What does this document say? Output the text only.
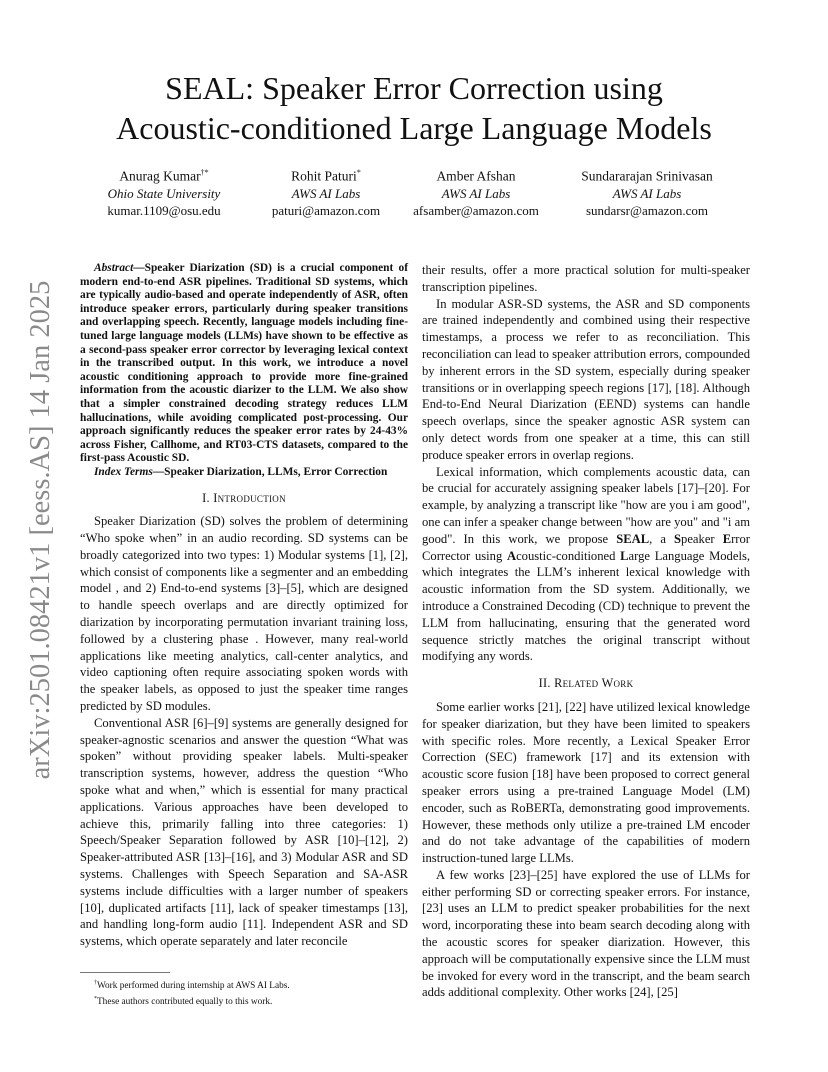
arXiv:2501.08421v1 [eess.AS] 14 Jan 2025
SEAL: Speaker Error Correction using
Acoustic-conditioned Large Language Models
Anurag Kumar†*
Ohio State University
kumar.1109@osu.edu
Rohit Paturi*
AWS AI Labs
paturi@amazon.com
Amber Afshan
AWS AI Labs
afsamber@amazon.com
Sundararajan Srinivasan
AWS AI Labs
sundarsr@amazon.com

Abstract—Speaker Diarization (SD) is a crucial component of modern end-to-end ASR pipelines. Traditional SD systems, which are typically audio-based and operate independently of ASR, often introduce speaker errors, particularly during speaker transitions and overlapping speech. Recently, language models including fine-tuned large language models (LLMs) have shown to be effective as a second-pass speaker error corrector by leveraging lexical context in the transcribed output. In this work, we introduce a novel acoustic conditioning approach to provide more fine-grained information from the acoustic diarizer to the LLM. We also show that a simpler constrained decoding strategy reduces LLM hallucinations, while avoiding complicated post-processing. Our approach significantly reduces the speaker error rates by 24-43% across Fisher, Callhome, and RT03-CTS datasets, compared to the first-pass Acoustic SD.

Index Terms—Speaker Diarization, LLMs, Error Correction

I. Introduction

Speaker Diarization (SD) solves the problem of determining “Who spoke when” in an audio recording. SD systems can be broadly categorized into two types: 1) Modular systems [1], [2], which consist of components like a segmenter and an embedding model , and 2) End-to-end systems [3]–[5], which are designed to handle speech overlaps and are directly optimized for diarization by incorporating permutation invariant training loss, followed by a clustering phase . However, many real-world applications like meeting analytics, call-center analytics, and video captioning often require associating spoken words with the speaker labels, as opposed to just the speaker time ranges predicted by SD modules.

Conventional ASR [6]–[9] systems are generally designed for speaker-agnostic scenarios and answer the question “What was spoken” without providing speaker labels. Multi-speaker transcription systems, however, address the question “Who spoke what and when,” which is essential for many practical applications. Various approaches have been developed to achieve this, primarily falling into three categories: 1) Speech/Speaker Separation followed by ASR [10]–[12], 2) Speaker-attributed ASR [13]–[16], and 3) Modular ASR and SD systems. Challenges with Speech Separation and SA-ASR systems include difficulties with a larger number of speakers [10], duplicated artifacts [11], lack of speaker timestamps [13], and handling long-form audio [11]. Independent ASR and SD systems, which operate separately and later reconcile

†Work performed during internship at AWS AI Labs.

*These authors contributed equally to this work.

their results, offer a more practical solution for multi-speaker transcription pipelines.

In modular ASR-SD systems, the ASR and SD components are trained independently and combined using their respective timestamps, a process we refer to as reconciliation. This reconciliation can lead to speaker attribution errors, compounded by inherent errors in the SD system, especially during speaker transitions or in overlapping speech regions [17], [18]. Although End-to-End Neural Diarization (EEND) systems can handle speech overlaps, since the speaker agnostic ASR system can only detect words from one speaker at a time, this can still produce speaker errors in overlap regions.

Lexical information, which complements acoustic data, can be crucial for accurately assigning speaker labels [17]–[20]. For example, by analyzing a transcript like "how are you i am good", one can infer a speaker change between "how are you" and "i am good". In this work, we propose SEAL, a Speaker Error Corrector using Acoustic-conditioned Large Language Models, which integrates the LLM’s inherent lexical knowledge with acoustic information from the SD system. Additionally, we introduce a Constrained Decoding (CD) technique to prevent the LLM from hallucinating, ensuring that the generated word sequence strictly matches the original transcript without modifying any words.

II. Related Work

Some earlier works [21], [22] have utilized lexical knowledge for speaker diarization, but they have been limited to speakers with specific roles. More recently, a Lexical Speaker Error Correction (SEC) framework [17] and its extension with acoustic score fusion [18] have been proposed to correct general speaker errors using a pre-trained Language Model (LM) encoder, such as RoBERTa, demonstrating good improvements. However, these methods only utilize a pre-trained LM encoder and do not take advantage of the capabilities of modern instruction-tuned large LLMs.

A few works [23]–[25] have explored the use of LLMs for either performing SD or correcting speaker errors. For instance, [23] uses an LLM to predict speaker probabilities for the next word, incorporating these into beam search decoding along with the acoustic scores for speaker diarization. However, this approach will be computationally expensive since the LLM must be invoked for every word in the transcript, and the beam search adds additional complexity. Other works [24], [25]
